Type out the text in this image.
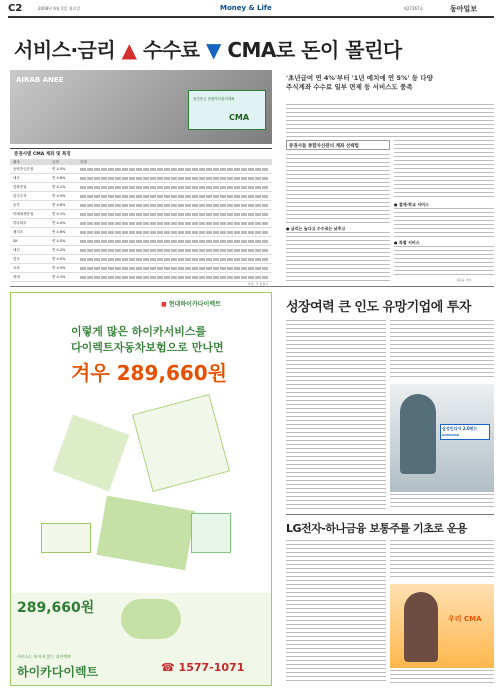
C2	2008년 6월 2일 월요일	Money & Life	제27267호	동아일보
서비스·금리 ▲ 수수료 ▼ CMA로 돈이 몰린다
AIRAB ANEE
CMA
선진종금 종합자산관리계좌
'초년급여 연 4%'부터 '1년 예치에 연 5%' 등 다양
주식계좌 수수료 일부 면제 등 서비스도 풍족
증권사별 CMA 계좌 및 특징
회사	금리	특징
동양종금증권	연 4.5%
대우	연 4.6%
한화증권	연 4.2%
한국투자	연 4.5%
동부	연 4.6%
미래에셋증권	연 4.1%
하나대투	연 4.0%
메리츠	연 4.6%
SK	연 4.0%
대신	연 4.2%
한국	연 4.0%
교보	연 4.5%
현대	연 4.3%
자료: 각 증권사
증권사들 종합자산관리 계좌 선택법
● 금리는 높다고 수수료는 낮추고
● 결제·학교 서비스
● 특별 서비스
김남규 기자
■ 현대하이카다이렉트
이렇게 많은 하이카서비스를
다이렉트자동차보험으로 만나면
겨우 289,660원
289,660원
서비스는 보이지 않는 다이렉트
하이카다이렉트	☎ 1577-1071
성장여력 큰 인도 유망기업에 투자
삼성인디아 2.0펀드
SAMSUNG
LG전자-하나금융 보통주를 기초로 운용
우리 CMA
